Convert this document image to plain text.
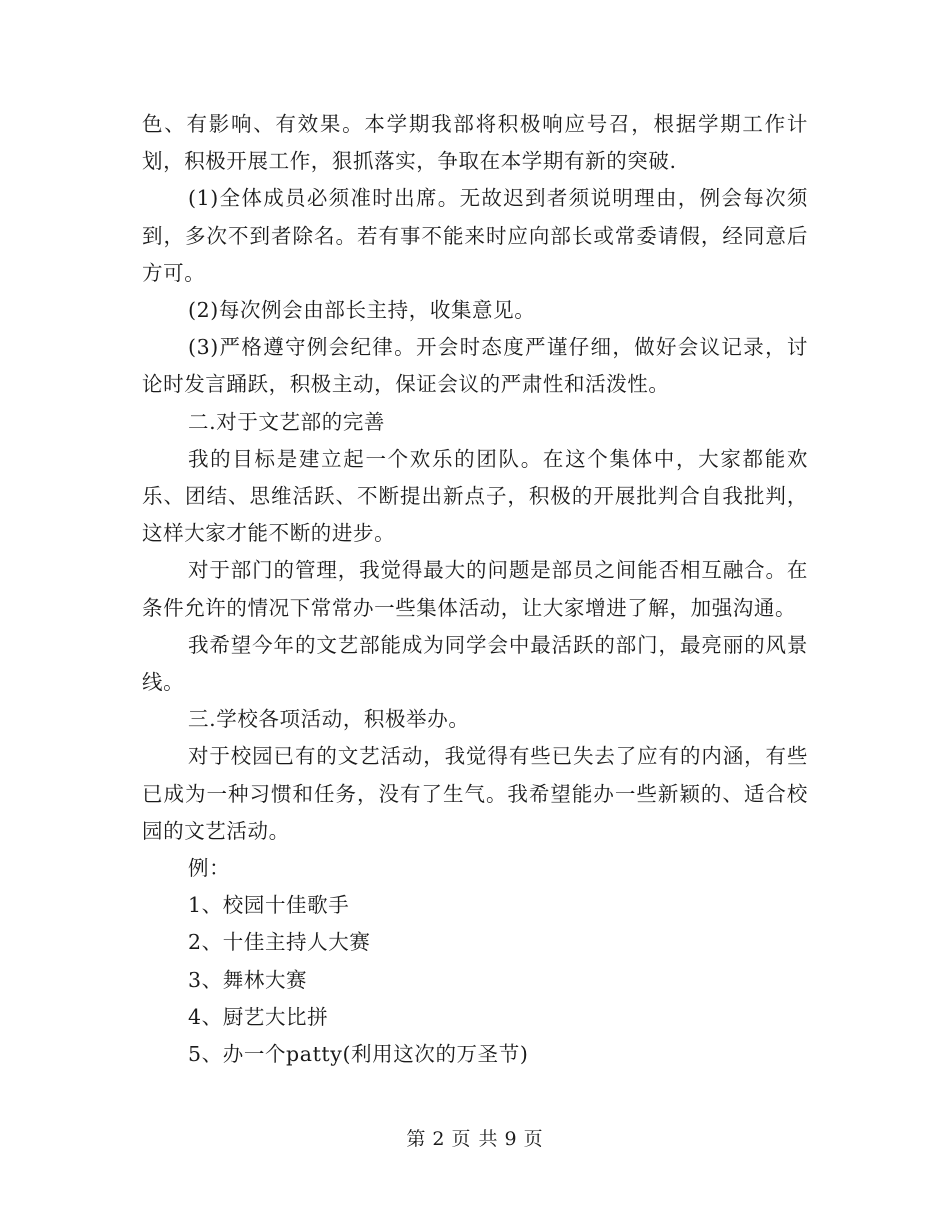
色、有影响、有效果。本学期我部将积极响应号召，根据学期工作计划，积极开展工作，狠抓落实，争取在本学期有新的突破.

(1)全体成员必须准时出席。无故迟到者须说明理由，例会每次须到，多次不到者除名。若有事不能来时应向部长或常委请假，经同意后方可。

(2)每次例会由部长主持，收集意见。

(3)严格遵守例会纪律。开会时态度严谨仔细，做好会议记录，讨论时发言踊跃，积极主动，保证会议的严肃性和活泼性。

二.对于文艺部的完善

我的目标是建立起一个欢乐的团队。在这个集体中，大家都能欢乐、团结、思维活跃、不断提出新点子，积极的开展批判合自我批判，这样大家才能不断的进步。

对于部门的管理，我觉得最大的问题是部员之间能否相互融合。在条件允许的情况下常常办一些集体活动，让大家增进了解，加强沟通。

我希望今年的文艺部能成为同学会中最活跃的部门，最亮丽的风景线。

三.学校各项活动，积极举办。

对于校园已有的文艺活动，我觉得有些已失去了应有的内涵，有些已成为一种习惯和任务，没有了生气。我希望能办一些新颖的、适合校园的文艺活动。

例：

1、校园十佳歌手

2、十佳主持人大赛

3、舞林大赛

4、厨艺大比拼

5、办一个patty(利用这次的万圣节)

第 2 页 共 9 页
